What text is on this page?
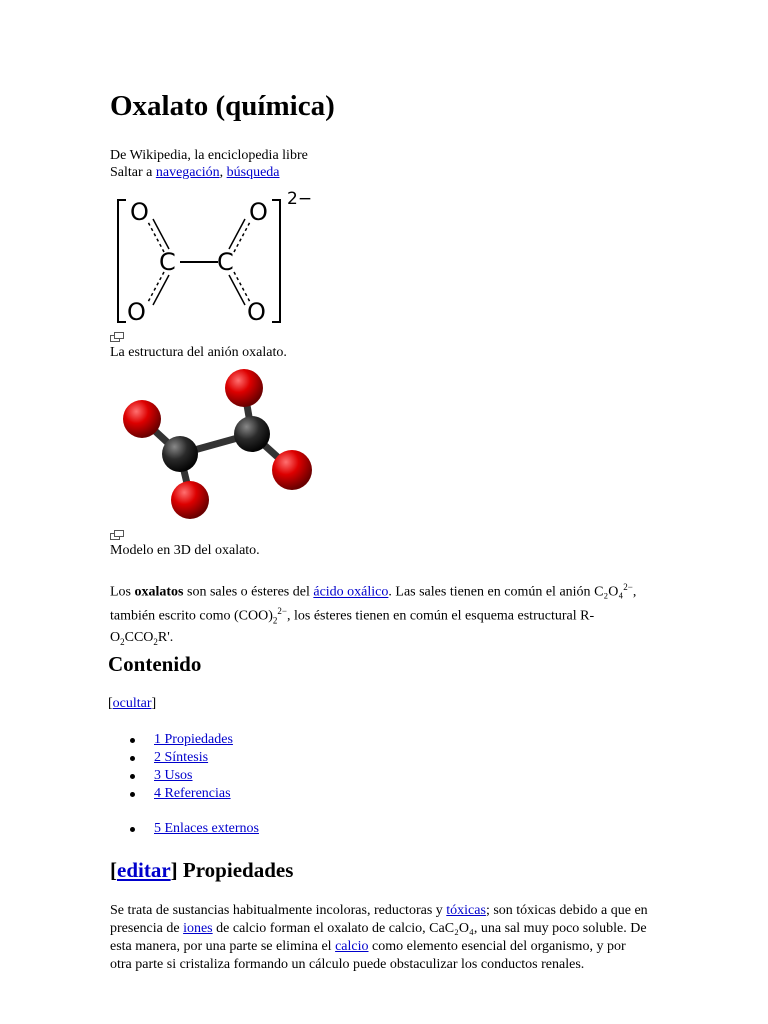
Oxalato (química)
De Wikipedia, la enciclopedia libre
Saltar a navegación, búsqueda
O
O
C C
O
O
2−
La estructura del anión oxalato.
Modelo en 3D del oxalato.
Los oxalatos son sales o ésteres del ácido oxálico. Las sales tienen en común el anión C₂O₄$^{2-}$, también escrito como $(COO)_2^{2-}$, los ésteres tienen en común el esquema estructural $R-O_2CCO_2R'$.
Contenido
[ocultar]
1 Propiedades
2 Síntesis
3 Usos
4 Referencias
5 Enlaces externos
[editar] Propiedades
Se trata de sustancias habitualmente incoloras, reductoras y tóxicas; son tóxicas debido a que en presencia de iones de calcio forman el oxalato de calcio, CaC₂O₄, una sal muy poco soluble. De esta manera, por una parte se elimina el calcio como elemento esencial del organismo, y por otra parte si cristaliza formando un cálculo puede obstaculizar los conductos renales.
